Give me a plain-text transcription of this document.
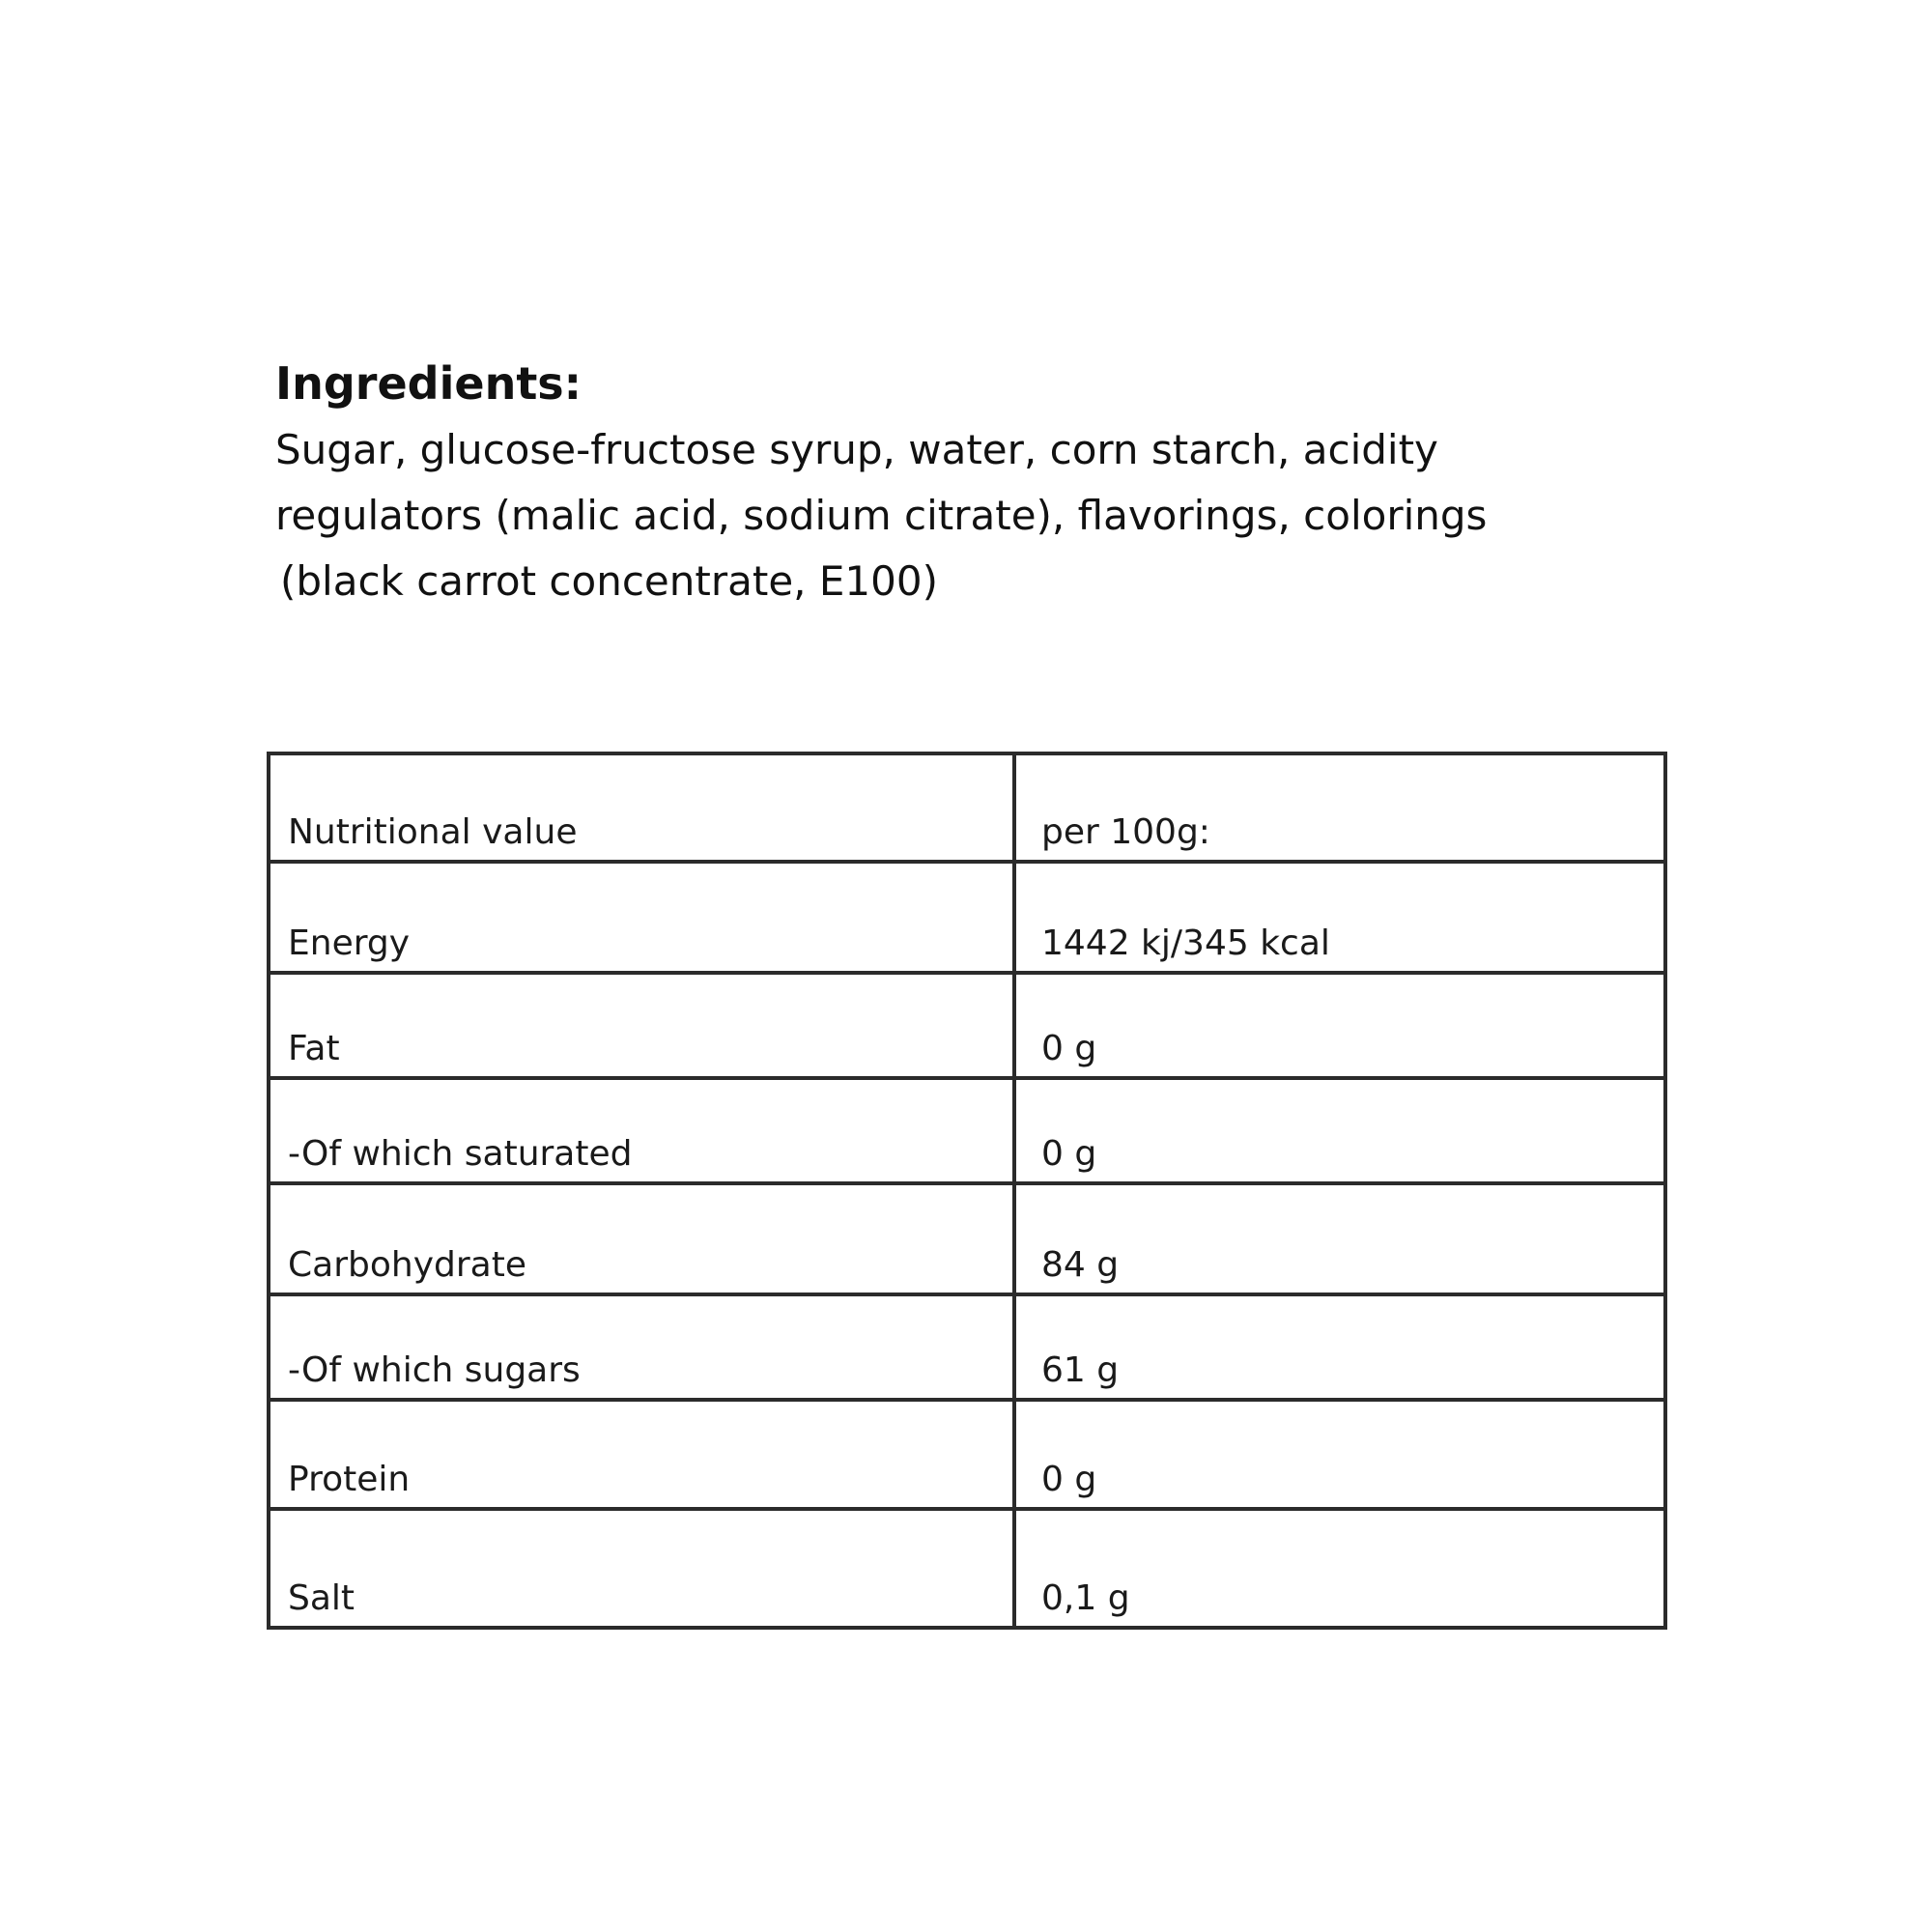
Ingredients:

Sugar, glucose-fructose syrup, water, corn starch, acidity
regulators (malic acid, sodium citrate), flavorings, colorings
(black carrot concentrate, E100)

Nutritional value	per 100g:
Energy	1442 kj/345 kcal
Fat	0 g
-Of which saturated	0 g
Carbohydrate	84 g
-Of which sugars	61 g
Protein	0 g
Salt	0,1 g
